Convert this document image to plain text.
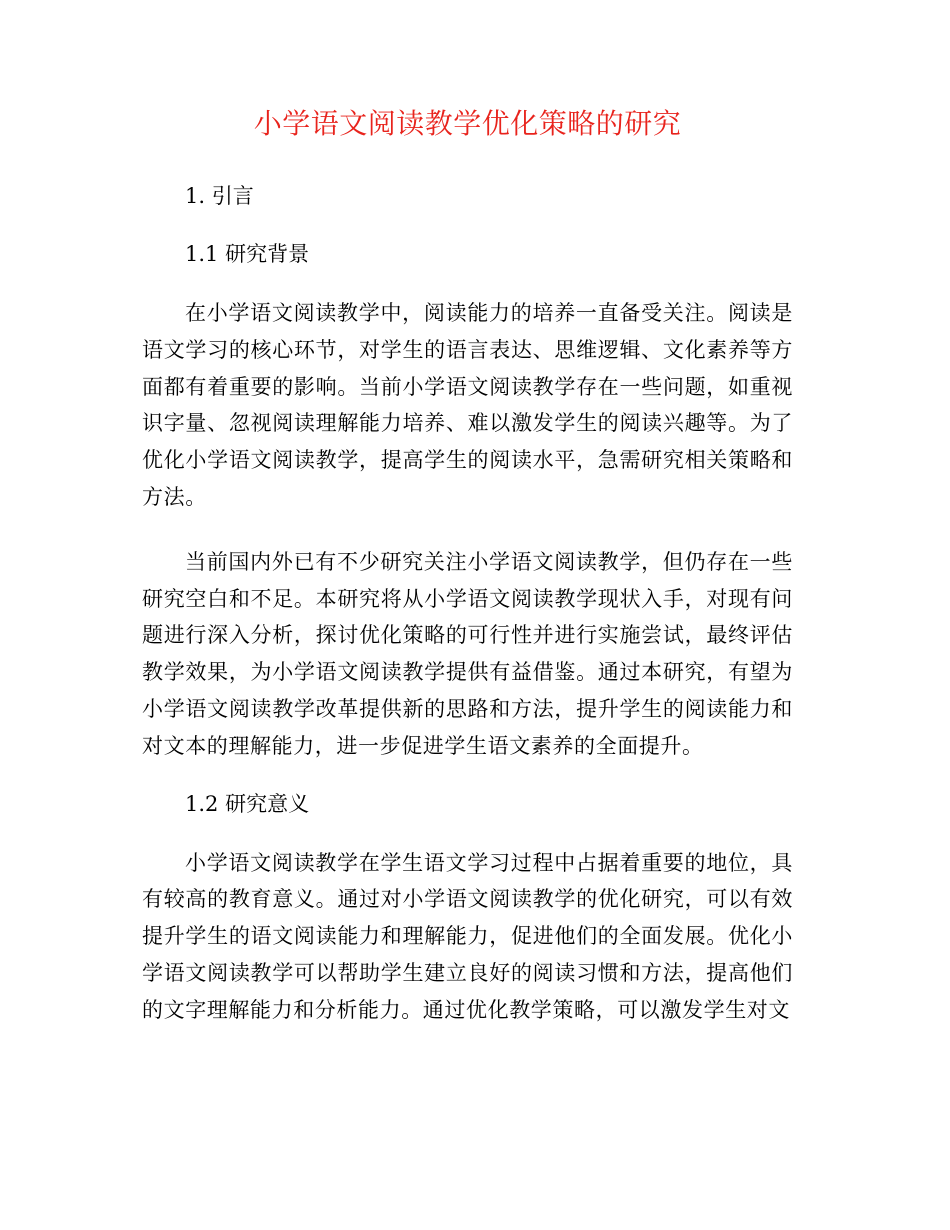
小学语文阅读教学优化策略的研究
1. 引言
1.1 研究背景

在小学语文阅读教学中，阅读能力的培养一直备受关注。阅读是语文学习的核心环节，对学生的语言表达、思维逻辑、文化素养等方面都有着重要的影响。当前小学语文阅读教学存在一些问题，如重视识字量、忽视阅读理解能力培养、难以激发学生的阅读兴趣等。为了优化小学语文阅读教学，提高学生的阅读水平，急需研究相关策略和方法。

当前国内外已有不少研究关注小学语文阅读教学，但仍存在一些研究空白和不足。本研究将从小学语文阅读教学现状入手，对现有问题进行深入分析，探讨优化策略的可行性并进行实施尝试，最终评估教学效果，为小学语文阅读教学提供有益借鉴。通过本研究，有望为小学语文阅读教学改革提供新的思路和方法，提升学生的阅读能力和对文本的理解能力，进一步促进学生语文素养的全面提升。

1.2 研究意义

小学语文阅读教学在学生语文学习过程中占据着重要的地位，具有较高的教育意义。通过对小学语文阅读教学的优化研究，可以有效提升学生的语文阅读能力和理解能力，促进他们的全面发展。优化小学语文阅读教学可以帮助学生建立良好的阅读习惯和方法，提高他们的文字理解能力和分析能力。通过优化教学策略，可以激发学生对文
